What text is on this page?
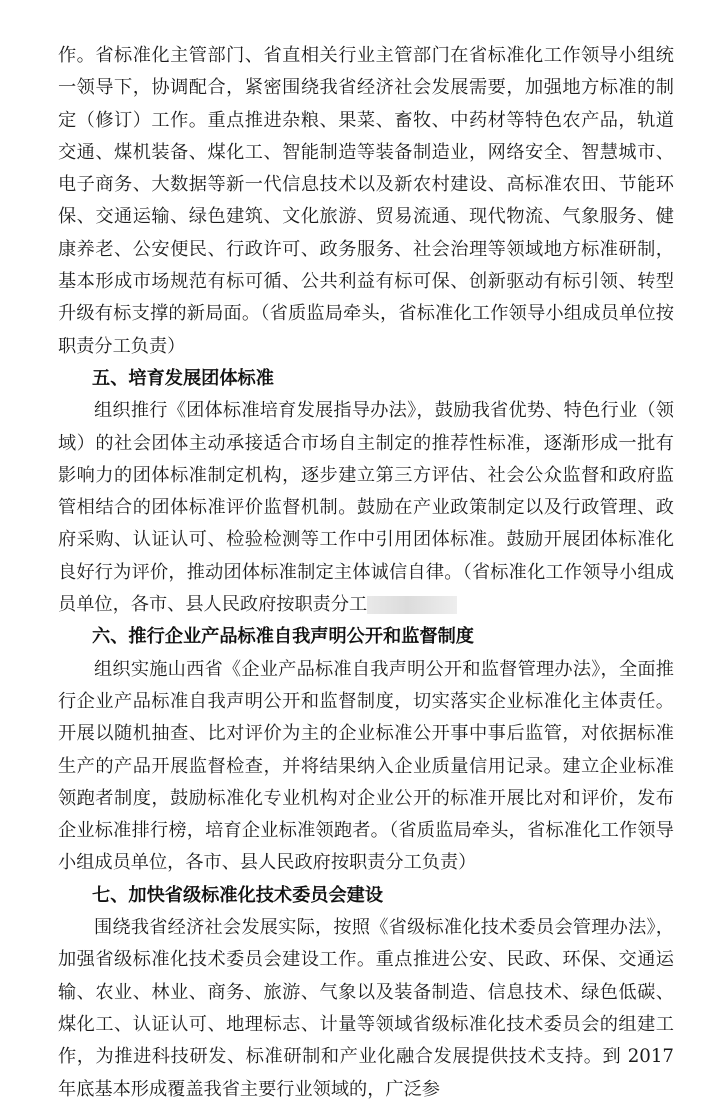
作。省标准化主管部门、省直相关行业主管部门在省标准化工作领导小组统一领导下，协调配合，紧密围绕我省经济社会发展需要，加强地方标准的制定（修订）工作。重点推进杂粮、果菜、畜牧、中药材等特色农产品，轨道交通、煤机装备、煤化工、智能制造等装备制造业，网络安全、智慧城市、电子商务、大数据等新一代信息技术以及新农村建设、高标准农田、节能环保、交通运输、绿色建筑、文化旅游、贸易流通、现代物流、气象服务、健康养老、公安便民、行政许可、政务服务、社会治理等领域地方标准研制，基本形成市场规范有标可循、公共利益有标可保、创新驱动有标引领、转型升级有标支撑的新局面。（省质监局牵头，省标准化工作领导小组成员单位按职责分工负责）

五、培育发展团体标准

组织推行《团体标准培育发展指导办法》，鼓励我省优势、特色行业（领域）的社会团体主动承接适合市场自主制定的推荐性标准，逐渐形成一批有影响力的团体标准制定机构，逐步建立第三方评估、社会公众监督和政府监管相结合的团体标准评价监督机制。鼓励在产业政策制定以及行政管理、政府采购、认证认可、检验检测等工作中引用团体标准。鼓励开展团体标准化良好行为评价，推动团体标准制定主体诚信自律。（省标准化工作领导小组成员单位，各市、县人民政府按职责分工

六、推行企业产品标准自我声明公开和监督制度

组织实施山西省《企业产品标准自我声明公开和监督管理办法》，全面推行企业产品标准自我声明公开和监督制度，切实落实企业标准化主体责任。开展以随机抽查、比对评价为主的企业标准公开事中事后监管，对依据标准生产的产品开展监督检查，并将结果纳入企业质量信用记录。建立企业标准领跑者制度，鼓励标准化专业机构对企业公开的标准开展比对和评价，发布企业标准排行榜，培育企业标准领跑者。（省质监局牵头，省标准化工作领导小组成员单位，各市、县人民政府按职责分工负责）

七、加快省级标准化技术委员会建设

围绕我省经济社会发展实际，按照《省级标准化技术委员会管理办法》，加强省级标准化技术委员会建设工作。重点推进公安、民政、环保、交通运输、农业、林业、商务、旅游、气象以及装备制造、信息技术、绿色低碳、煤化工、认证认可、地理标志、计量等领域省级标准化技术委员会的组建工作，为推进科技研发、标准研制和产业化融合发展提供技术支持。到 2017 年底基本形成覆盖我省主要行业领域的，广泛参
